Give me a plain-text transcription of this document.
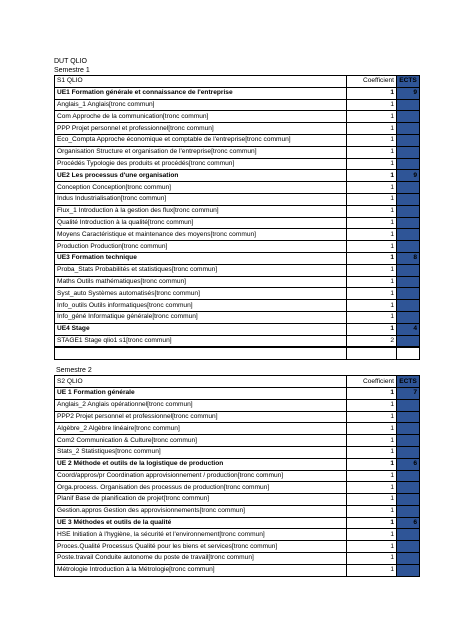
DUT QLIO
Semestre 1
S1 QLIO	Coefficient	ECTS
UE1 Formation générale et connaissance de l'entreprise	1	9
Anglais_1 Anglais[tronc commun]	1	
Com Approche de la communication[tronc commun]	1	
PPP Projet personnel et professionnel[tronc commun]	1	
Eco_Compta Approche économique et comptable de l'entreprise[tronc commun]	1	
Organisation Structure et organisation de l'entreprise[tronc commun]	1	
Procédés Typologie des produits et procédés[tronc commun]	1	
UE2 Les processus d'une organisation	1	9
Conception Conception[tronc commun]	1	
Indus Industrialisation[tronc commun]	1	
Flux_1 Introduction à la gestion des flux[tronc commun]	1	
Qualité Introduction à la qualité[tronc commun]	1	
Moyens Caractéristique et maintenance des moyens[tronc commun]	1	
Production Production[tronc commun]	1	
UE3 Formation technique	1	8
Proba_Stats Probabilités et statistiques[tronc commun]	1	
Maths Outils mathématiques[tronc commun]	1	
Syst_auto Systèmes automatisés[tronc commun]	1	
Info_outils Outils informatiques[tronc commun]	1	
Info_géné Informatique générale[tronc commun]	1	
UE4 Stage	1	4
STAGE1 Stage qlio1 s1[tronc commun]	2	

Semestre 2
S2 QLIO	Coefficient	ECTS
UE 1 Formation générale	1	7
Anglais_2 Anglais opérationnel[tronc commun]	1	
PPP2 Projet personnel et professionnel[tronc commun]	1	
Algèbre_2 Algèbre linéaire[tronc commun]	1	
Com2 Communication & Culture[tronc commun]	1	
Stats_2 Statistiques[tronc commun]	1	
UE 2 Méthode et outils de la logistique de production	1	6
Coord/appros/pr Coordination approvisionnement / production[tronc commun]	1	
Orga.process. Organisation des processus de production[tronc commun]	1	
Planif Base de planification de projet[tronc commun]	1	
Gestion.appros Gestion des approvisionnements[tronc commun]	1	
UE 3 Méthodes et outils de la qualité	1	6
HSE Initiation à l'hygiène, la sécurité et l'environnement[tronc commun]	1	
Proces.Qualité Processus Qualité pour les biens et services[tronc commun]	1	
Poste.travail Conduite autonome du poste de travail[tronc commun]	1	
Métrologie Introduction à la Métrologie[tronc commun]	1	
